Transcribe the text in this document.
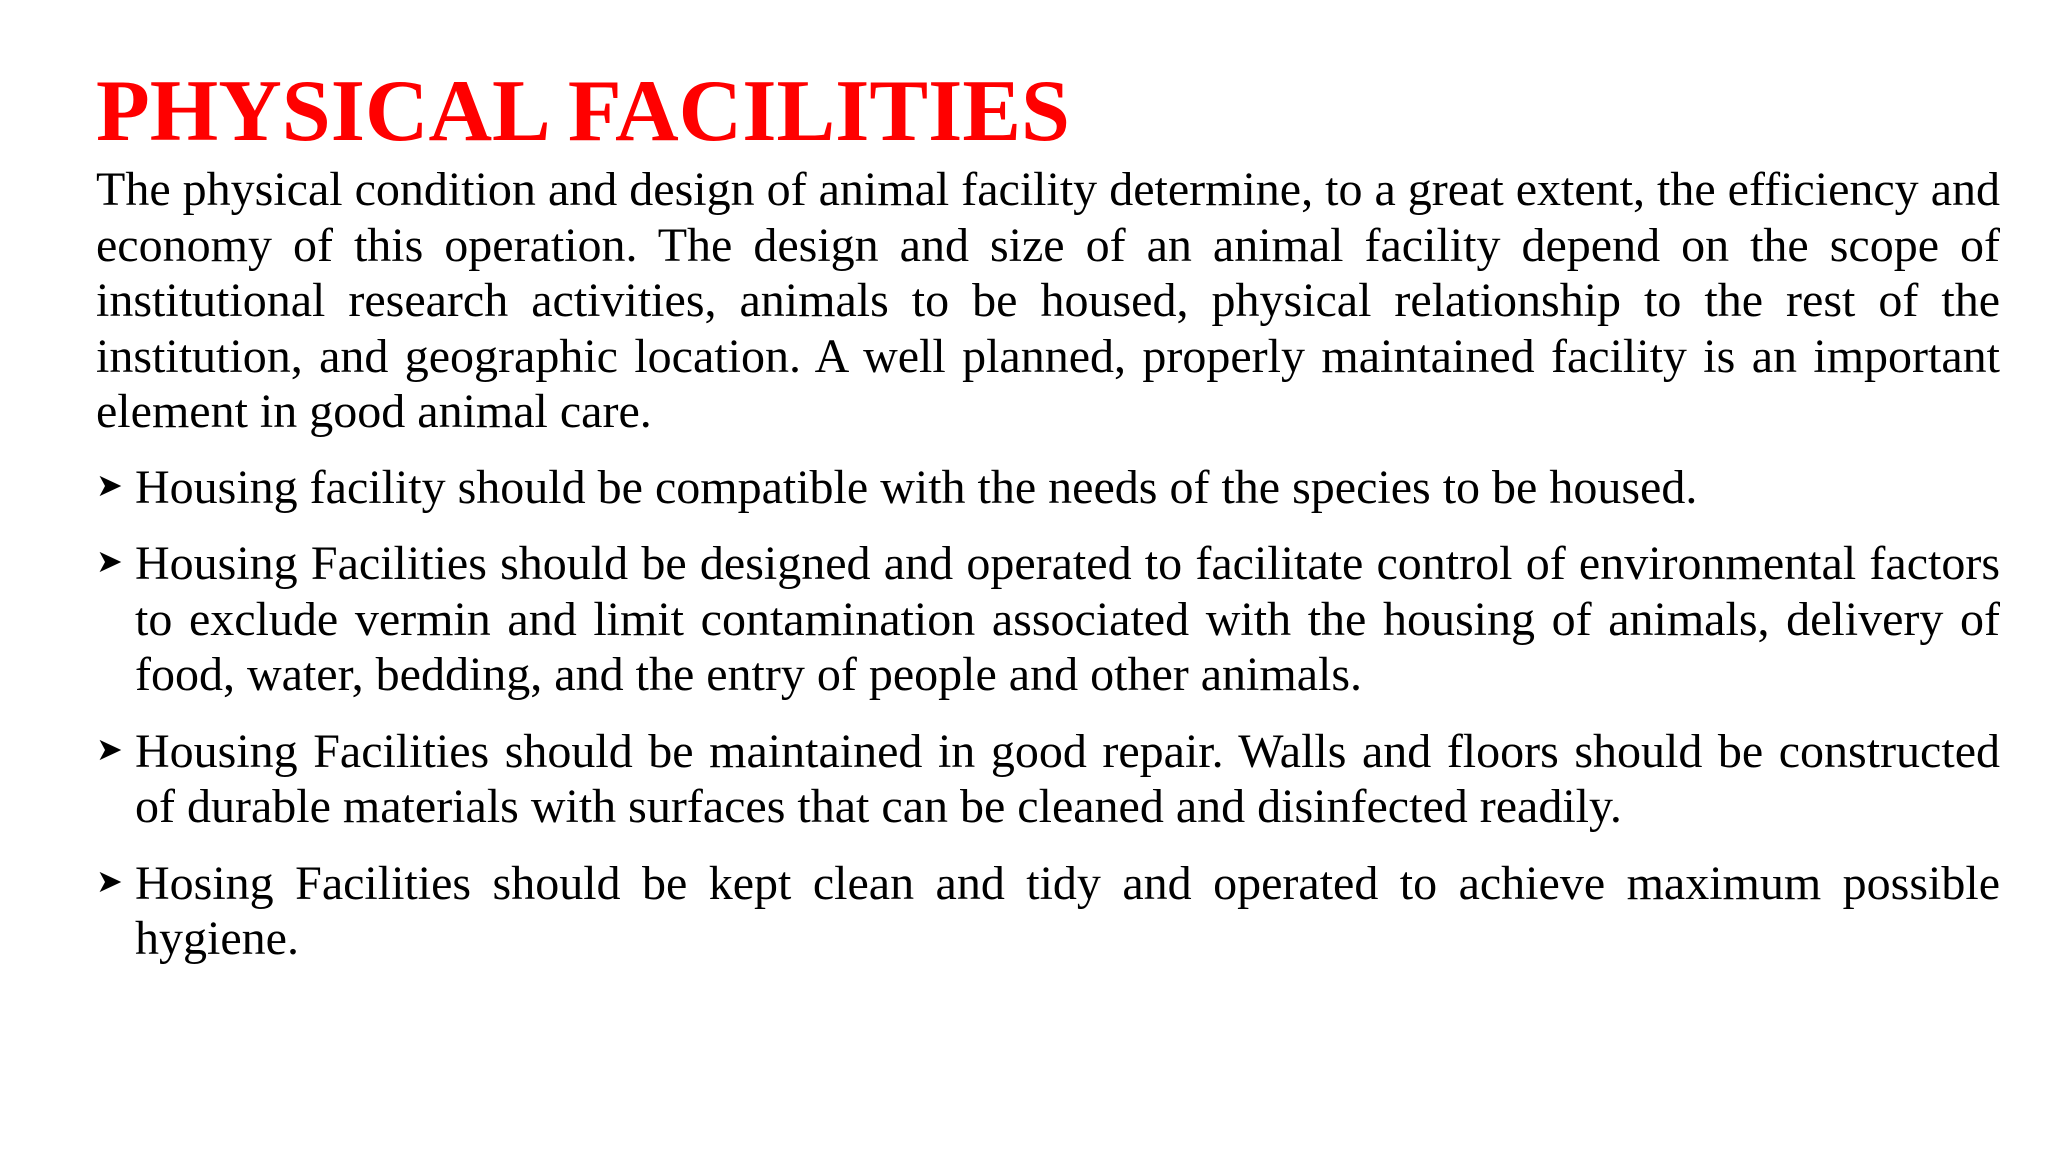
PHYSICAL FACILITIES

The physical condition and design of animal facility determine, to a great extent, the efficiency and economy of this operation. The design and size of an animal facility depend on the scope of institutional research activities, animals to be housed, physical relationship to the rest of the institution, and geographic location. A well planned, properly maintained facility is an important element in good animal care.

➤ Housing facility should be compatible with the needs of the species to be housed.
➤ Housing Facilities should be designed and operated to facilitate control of environmental factors to exclude vermin and limit contamination associated with the housing of animals, delivery of food, water, bedding, and the entry of people and other animals.
➤ Housing Facilities should be maintained in good repair. Walls and floors should be constructed of durable materials with surfaces that can be cleaned and disinfected readily.
➤ Hosing Facilities should be kept clean and tidy and operated to achieve maximum possible hygiene.
